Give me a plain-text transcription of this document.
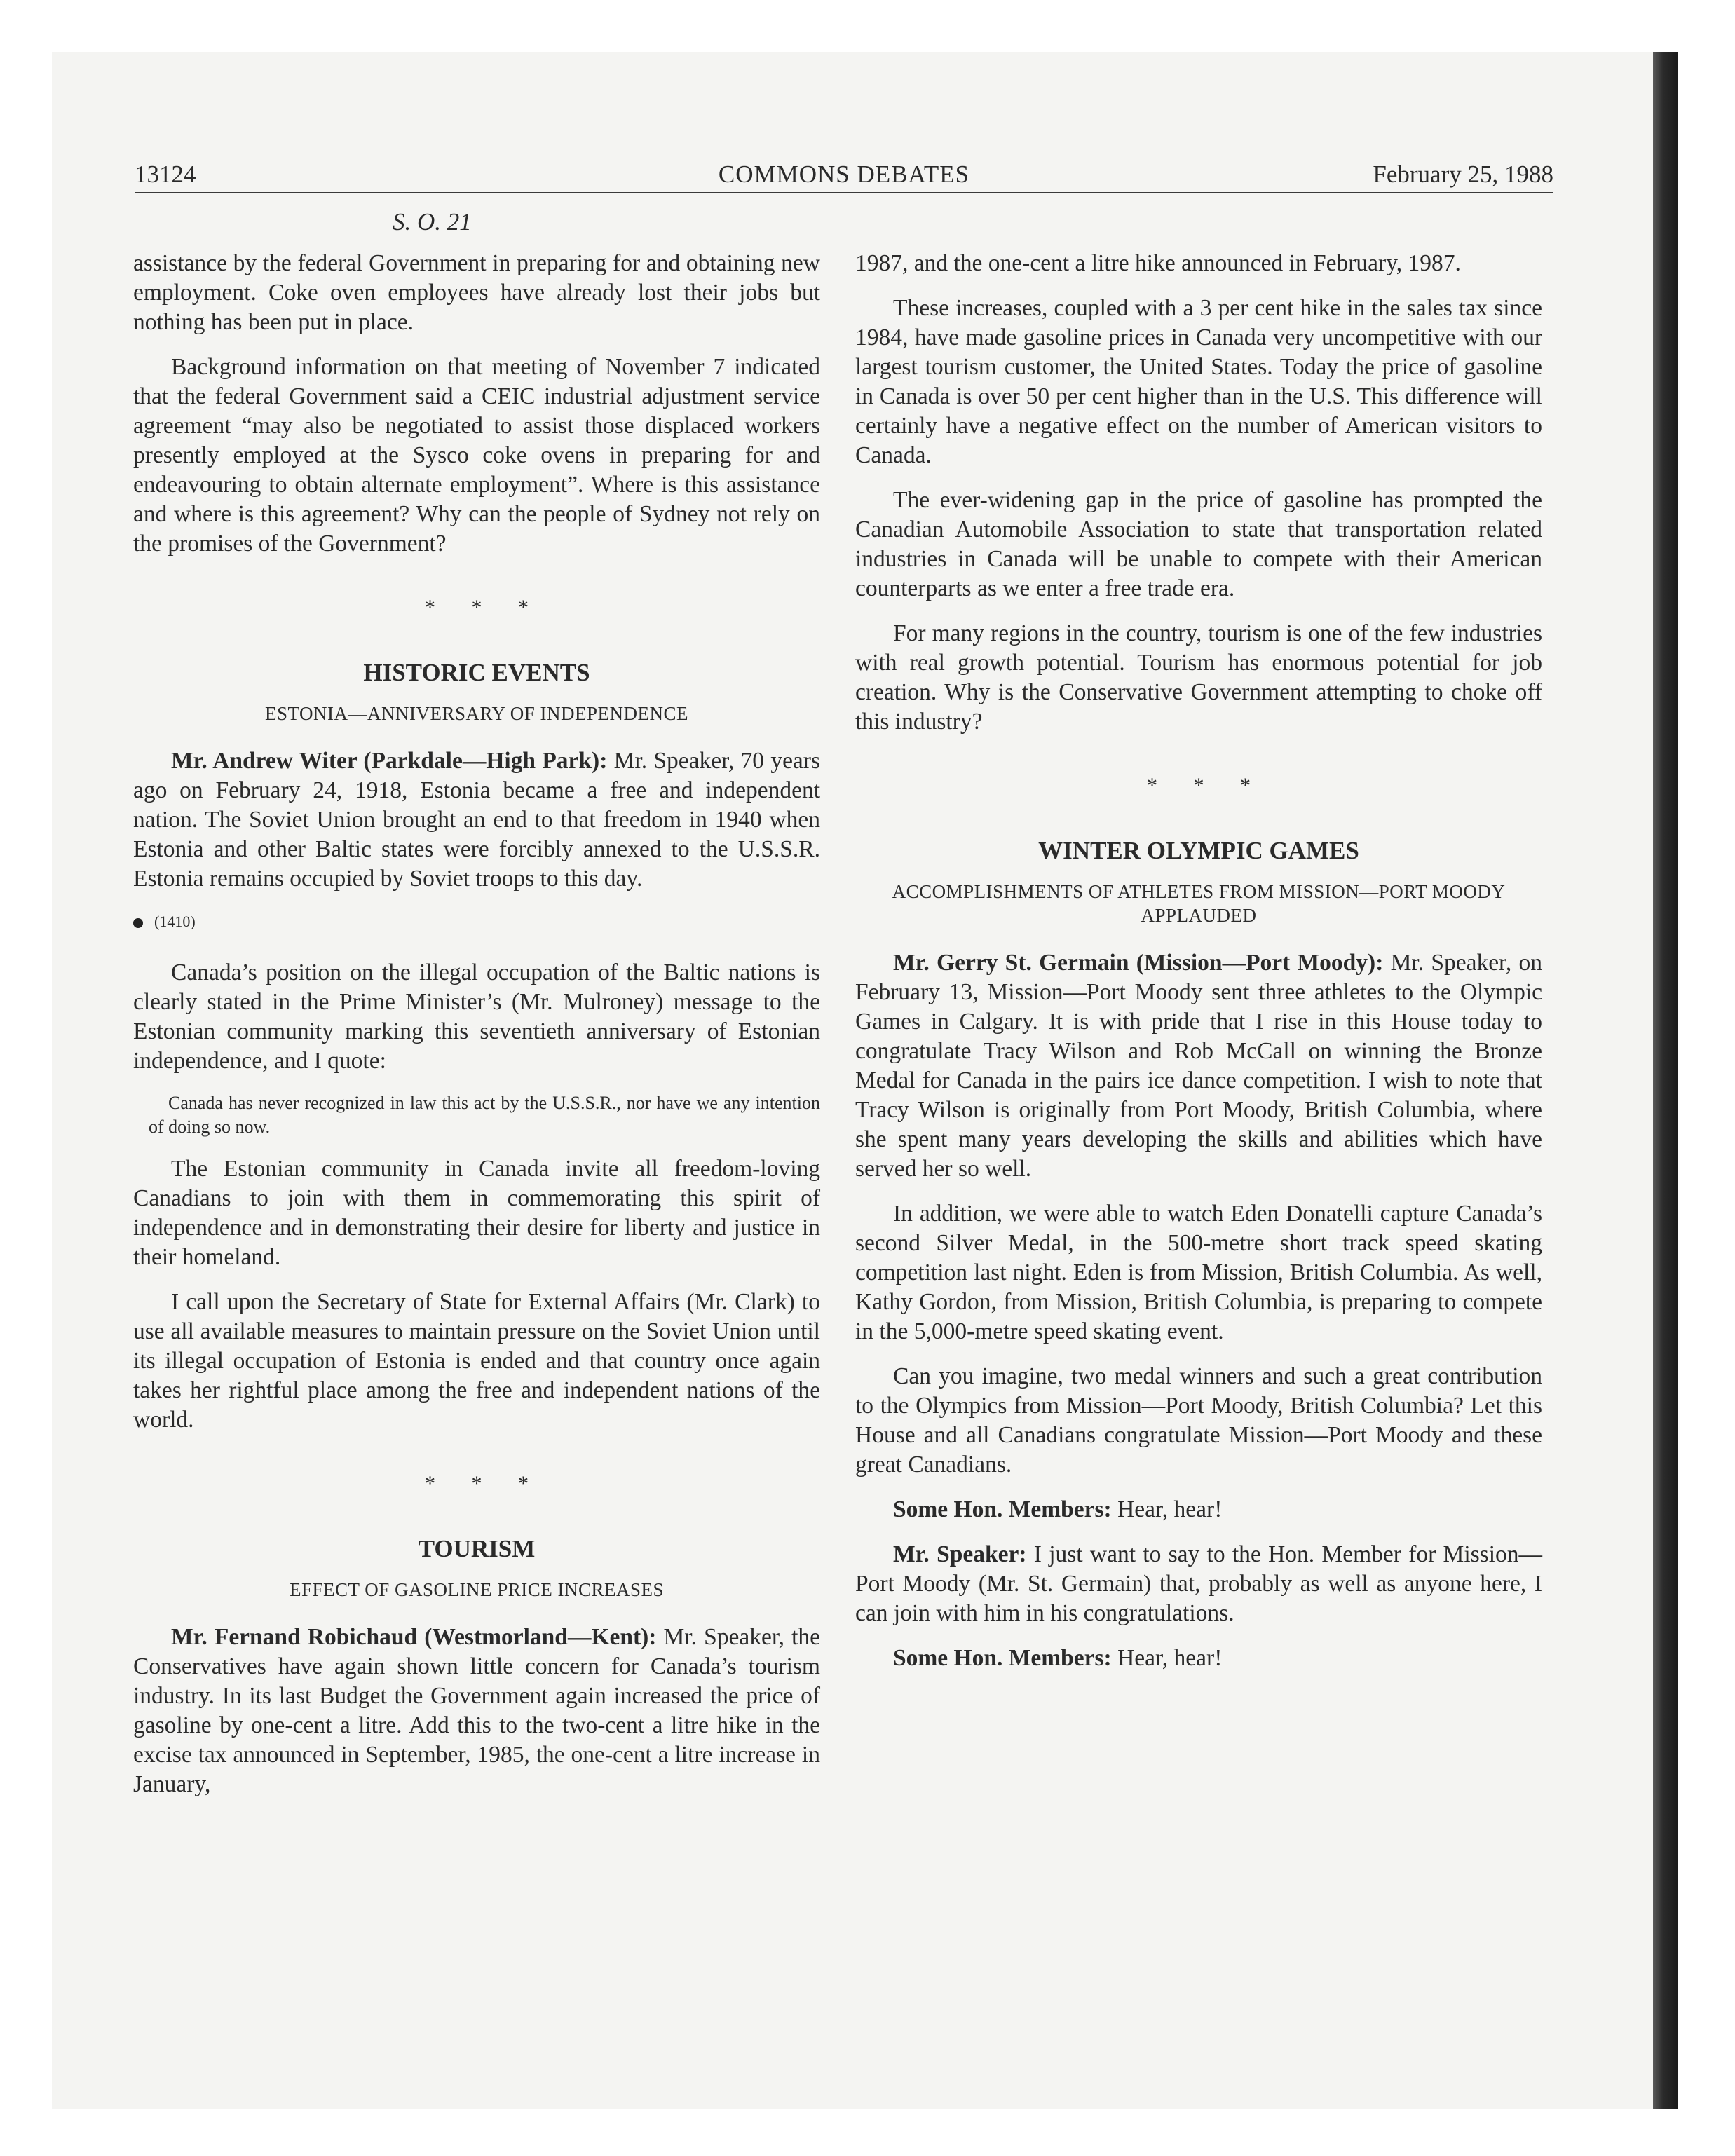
13124	COMMONS DEBATES	February 25, 1988
S. O. 21

assistance by the federal Government in preparing for and obtaining new employment. Coke oven employees have already lost their jobs but nothing has been put in place.

Background information on that meeting of November 7 indicated that the federal Government said a CEIC industrial adjustment service agreement “may also be negotiated to assist those displaced workers presently employed at the Sysco coke ovens in preparing for and endeavouring to obtain alternate employment”. Where is this assistance and where is this agreement? Why can the people of Sydney not rely on the promises of the Government?

* * *
HISTORIC EVENTS
ESTONIA—ANNIVERSARY OF INDEPENDENCE

Mr. Andrew Witer (Parkdale—High Park): Mr. Speaker, 70 years ago on February 24, 1918, Estonia became a free and independent nation. The Soviet Union brought an end to that freedom in 1940 when Estonia and other Baltic states were forcibly annexed to the U.S.S.R. Estonia remains occupied by Soviet troops to this day.

(1410)

Canada’s position on the illegal occupation of the Baltic nations is clearly stated in the Prime Minister’s (Mr. Mulroney) message to the Estonian community marking this seventieth anniversary of Estonian independence, and I quote:

Canada has never recognized in law this act by the U.S.S.R., nor have we any intention of doing so now.

The Estonian community in Canada invite all freedom-loving Canadians to join with them in commemorating this spirit of independence and in demonstrating their desire for liberty and justice in their homeland.

I call upon the Secretary of State for External Affairs (Mr. Clark) to use all available measures to maintain pressure on the Soviet Union until its illegal occupation of Estonia is ended and that country once again takes her rightful place among the free and independent nations of the world.

* * *
TOURISM
EFFECT OF GASOLINE PRICE INCREASES

Mr. Fernand Robichaud (Westmorland—Kent): Mr. Speaker, the Conservatives have again shown little concern for Canada’s tourism industry. In its last Budget the Government again increased the price of gasoline by one-cent a litre. Add this to the two-cent a litre hike in the excise tax announced in September, 1985, the one-cent a litre increase in January,

1987, and the one-cent a litre hike announced in February, 1987.

These increases, coupled with a 3 per cent hike in the sales tax since 1984, have made gasoline prices in Canada very uncompetitive with our largest tourism customer, the United States. Today the price of gasoline in Canada is over 50 per cent higher than in the U.S. This difference will certainly have a negative effect on the number of American visitors to Canada.

The ever-widening gap in the price of gasoline has prompted the Canadian Automobile Association to state that transportation related industries in Canada will be unable to compete with their American counterparts as we enter a free trade era.

For many regions in the country, tourism is one of the few industries with real growth potential. Tourism has enormous potential for job creation. Why is the Conservative Government attempting to choke off this industry?

* * *
WINTER OLYMPIC GAMES
ACCOMPLISHMENTS OF ATHLETES FROM MISSION—PORT MOODY APPLAUDED

Mr. Gerry St. Germain (Mission—Port Moody): Mr. Speaker, on February 13, Mission—Port Moody sent three athletes to the Olympic Games in Calgary. It is with pride that I rise in this House today to congratulate Tracy Wilson and Rob McCall on winning the Bronze Medal for Canada in the pairs ice dance competition. I wish to note that Tracy Wilson is originally from Port Moody, British Columbia, where she spent many years developing the skills and abilities which have served her so well.

In addition, we were able to watch Eden Donatelli capture Canada’s second Silver Medal, in the 500-metre short track speed skating competition last night. Eden is from Mission, British Columbia. As well, Kathy Gordon, from Mission, British Columbia, is preparing to compete in the 5,000-metre speed skating event.

Can you imagine, two medal winners and such a great contribution to the Olympics from Mission—Port Moody, British Columbia? Let this House and all Canadians congratulate Mission—Port Moody and these great Canadians.

Some Hon. Members: Hear, hear!

Mr. Speaker: I just want to say to the Hon. Member for Mission—Port Moody (Mr. St. Germain) that, probably as well as anyone here, I can join with him in his congratulations.

Some Hon. Members: Hear, hear!
